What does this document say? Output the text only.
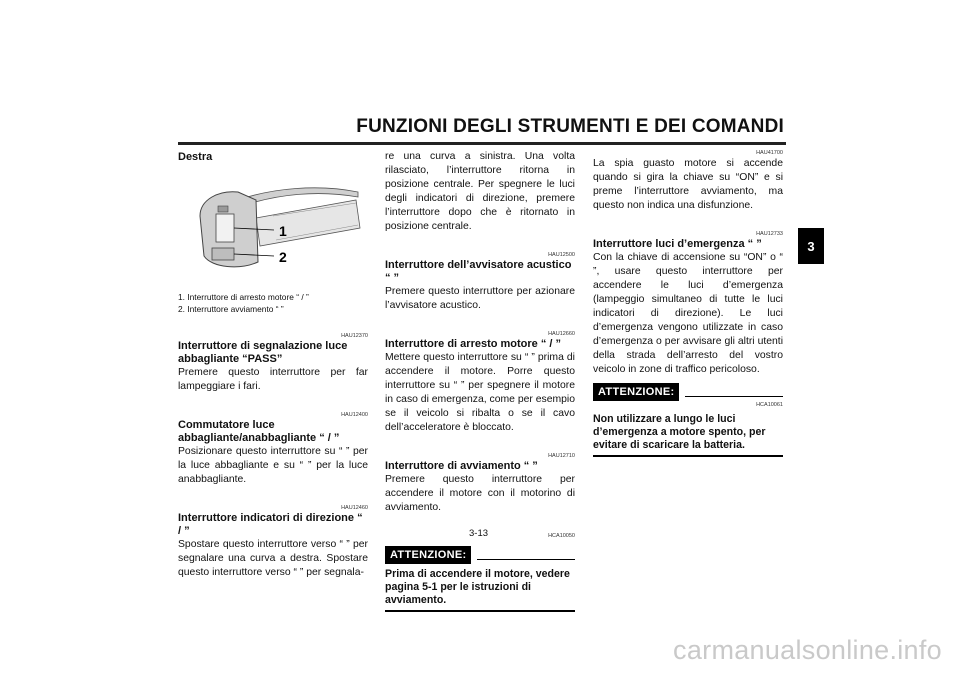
FUNZIONI DEGLI STRUMENTI E DEI COMANDI
3
Destra
1
2
1. Interruttore di arresto motore “ / ”
2. Interruttore avviamento “ ”
HAU12370
Interruttore di segnalazione luce abbagliante “PASS”
Premere questo interruttore per far lampeggiare i fari.
HAU12400
Commutatore luce abbagliante/anabbagliante “ / ”
Posizionare questo interruttore su “ ” per la luce abbagliante e su “ ” per la luce anabbagliante.
HAU12460
Interruttore indicatori di direzione “ / ”
Spostare questo interruttore verso “ ” per segnalare una curva a destra. Spostare questo interruttore verso “ ” per segnala-
re una curva a sinistra. Una volta rilasciato, l’interruttore ritorna in posizione centrale. Per spegnere le luci degli indicatori di direzione, premere l’interruttore dopo che è ritornato in posizione centrale.
HAU12500
Interruttore dell’avvisatore acustico “ ”
Premere questo interruttore per azionare l’avvisatore acustico.
HAU12660
Interruttore di arresto motore “ / ”
Mettere questo interruttore su “ ” prima di accendere il motore. Porre questo interruttore su “ ” per spegnere il motore in caso di emergenza, come per esempio se il veicolo si ribalta o se il cavo dell’acceleratore è bloccato.
HAU12710
Interruttore di avviamento “ ”
Premere questo interruttore per accendere il motore con il motorino di avviamento.
HCA10050
ATTENZIONE:
Prima di accendere il motore, vedere pagina 5-1 per le istruzioni di avviamento.
HAU41700
La spia guasto motore si accende quando si gira la chiave su “ON” e si preme l’interruttore avviamento, ma questo non indica una disfunzione.
HAU12733
Interruttore luci d’emergenza “ ”
Con la chiave di accensione su “ON” o “ ”, usare questo interruttore per accendere le luci d’emergenza (lampeggio simultaneo di tutte le luci indicatori di direzione). Le luci d’emergenza vengono utilizzate in caso d’emergenza o per avvisare gli altri utenti della strada dell’arresto del vostro veicolo in zone di traffico pericoloso.
ATTENZIONE:
HCA10061
Non utilizzare a lungo le luci d’emergenza a motore spento, per evitare di scaricare la batteria.
3-13
carmanualsonline.info
